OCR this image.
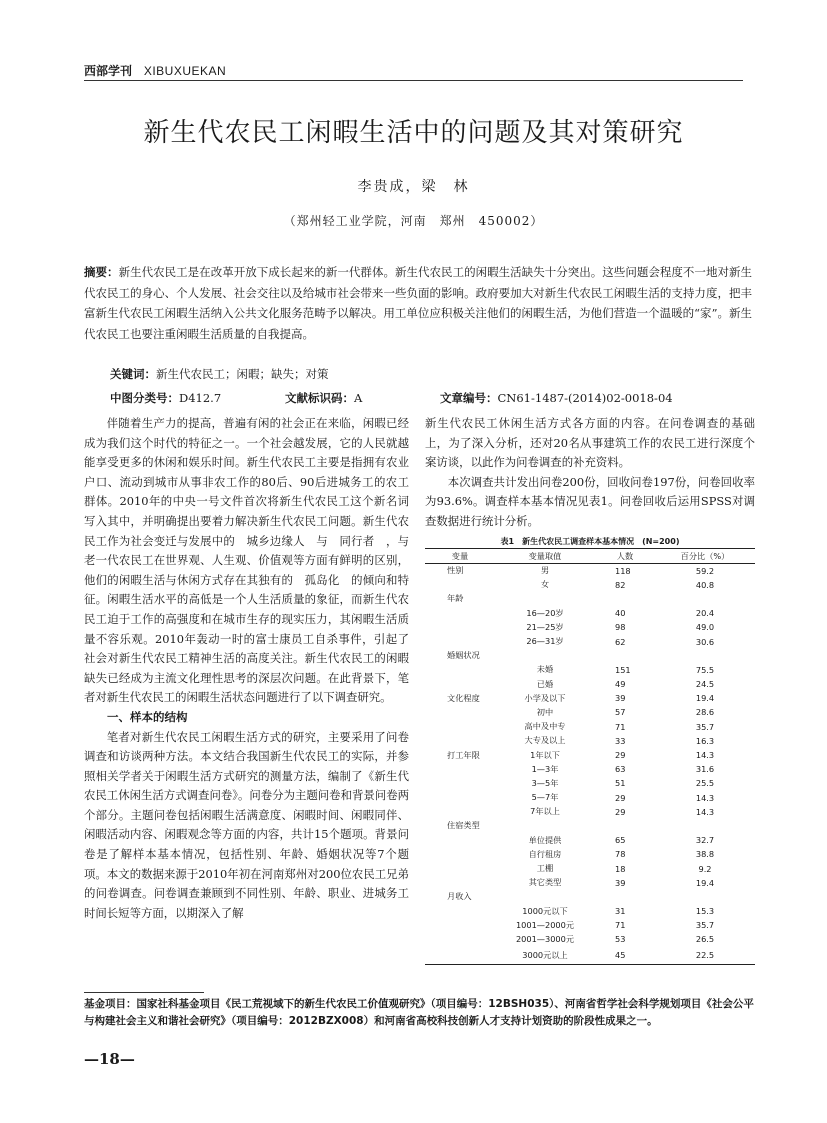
西部学刊 XIBUXUEKAN
新生代农民工闲暇生活中的问题及其对策研究
李贵成，梁　林
（郑州轻工业学院，河南　郑州　450002）
摘要：新生代农民工是在改革开放下成长起来的新一代群体。新生代农民工的闲暇生活缺失十分突出。这些问题会程度不一地对新生代农民工的身心、个人发展、社会交往以及给城市社会带来一些负面的影响。政府要加大对新生代农民工闲暇生活的支持力度，把丰富新生代农民工闲暇生活纳入公共文化服务范畴予以解决。用工单位应积极关注他们的闲暇生活，为他们营造一个温暖的“家”。新生代农民工也要注重闲暇生活质量的自我提高。
关键词：新生代农民工；闲暇；缺失；对策
中图分类号：D412.7	文献标识码：A	文章编号：CN61-1487-(2014)02-0018-04

伴随着生产力的提高，普遍有闲的社会正在来临，闲暇已经成为我们这个时代的特征之一。一个社会越发展，它的人民就越能享受更多的休闲和娱乐时间。新生代农民工主要是指拥有农业户口、流动到城市从事非农工作的80后、90后进城务工的农工群体。2010年的中央一号文件首次将新生代农民工这个新名词写入其中，并明确提出要着力解决新生代农民工问题。新生代农民工作为社会变迁与发展中的　城乡边缘人　与　同行者　，与老一代农民工在世界观、人生观、价值观等方面有鲜明的区别，他们的闲暇生活与休闲方式存在其独有的　孤岛化　的倾向和特征。闲暇生活水平的高低是一个人生活质量的象征，而新生代农民工迫于工作的高强度和在城市生存的现实压力，其闲暇生活质量不容乐观。2010年轰动一时的富士康员工自杀事件，引起了社会对新生代农民工精神生活的高度关注。新生代农民工的闲暇缺失已经成为主流文化理性思考的深层次问题。在此背景下，笔者对新生代农民工的闲暇生活状态问题进行了以下调查研究。

一、样本的结构

笔者对新生代农民工闲暇生活方式的研究，主要采用了问卷调查和访谈两种方法。本文结合我国新生代农民工的实际，并参照相关学者关于闲暇生活方式研究的测量方法，编制了《新生代农民工休闲生活方式调查问卷》。问卷分为主题问卷和背景问卷两个部分。主题问卷包括闲暇生活满意度、闲暇时间、闲暇同伴、闲暇活动内容、闲暇观念等方面的内容，共计15个题项。背景问卷是了解样本基本情况，包括性别、年龄、婚姻状况等7个题项。本文的数据来源于2010年初在河南郑州对200位农民工兄弟的问卷调查。问卷调查兼顾到不同性别、年龄、职业、进城务工时间长短等方面，以期深入了解

新生代农民工休闲生活方式各方面的内容。在问卷调查的基础上，为了深入分析，还对20名从事建筑工作的农民工进行深度个案访谈，以此作为问卷调查的补充资料。

本次调查共计发出问卷200份，回收问卷197份，问卷回收率为93.6%。调查样本基本情况见表1。问卷回收后运用SPSS对调查数据进行统计分析。

表1　新生代农民工调查样本基本情况　(N=200)
变量	变量取值	人数	百分比（%）
性别	男	118	59.2
	女	82	40.8
年龄			
	16—20岁	40	20.4
	21—25岁	98	49.0
	26—31岁	62	30.6
婚姻状况			
	未婚	151	75.5
	已婚	49	24.5
文化程度	小学及以下	39	19.4
	初中	57	28.6
	高中及中专	71	35.7
	大专及以上	33	16.3
打工年限	1年以下	29	14.3
	1—3年	63	31.6
	3—5年	51	25.5
	5—7年	29	14.3
	7年以上	29	14.3
住宿类型			
	单位提供	65	32.7
	自行租房	78	38.8
	工棚	18	9.2
	其它类型	39	19.4
月收入			
	1000元以下	31	15.3
	1001—2000元	71	35.7
	2001—3000元	53	26.5
	3000元以上	45	22.5
基金项目：国家社科基金项目《民工荒视域下的新生代农民工价值观研究》（项目编号：12BSH035）、河南省哲学社会科学规划项目《社会公平与构建社会主义和谐社会研究》（项目编号：2012BZX008）和河南省高校科技创新人才支持计划资助的阶段性成果之一。
—18—
